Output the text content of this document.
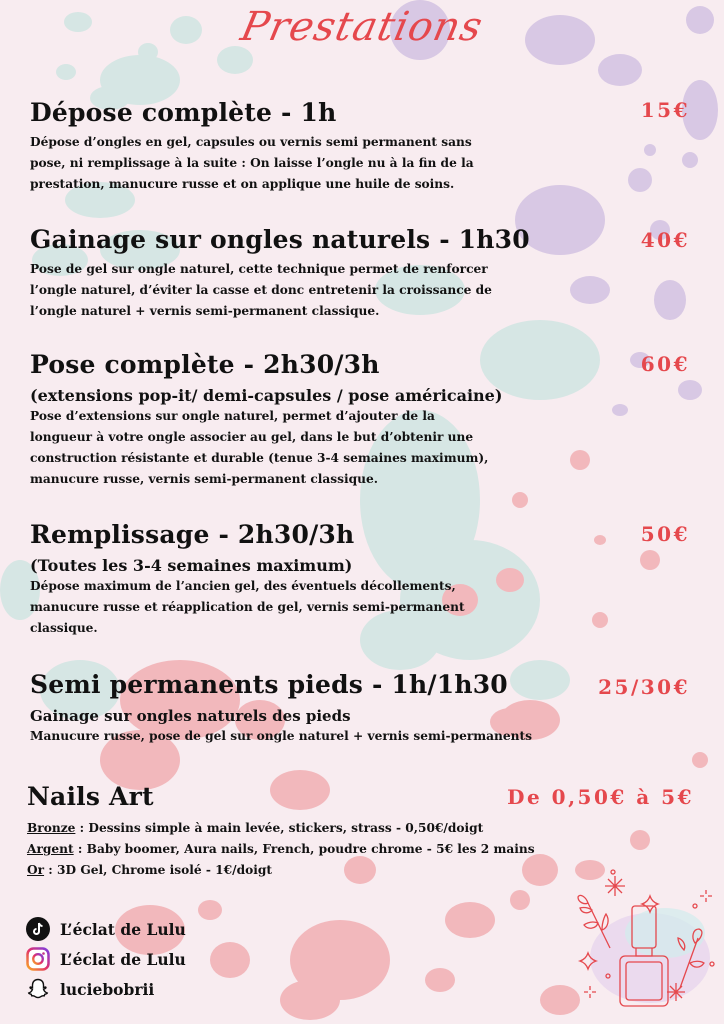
Prestations
Dépose complète - 1h

Dépose d’ongles en gel, capsules ou vernis semi permanent sans pose, ni remplissage à la suite : On laisse l’ongle nu à la fin de la prestation, manucure russe et on applique une huile de soins.

15€
Gainage sur ongles naturels - 1h30

Pose de gel sur ongle naturel, cette technique permet de renforcer l’ongle naturel, d’éviter la casse et donc entretenir la croissance de l’ongle naturel + vernis semi-permanent classique.

40€
Pose complète - 2h30/3h
(extensions pop-it/ demi-capsules / pose américaine)

Pose d’extensions sur ongle naturel, permet d’ajouter de la longueur à votre ongle associer au gel, dans le but d’obtenir une construction résistante et durable (tenue 3-4 semaines maximum), manucure russe, vernis semi-permanent classique.

60€
Remplissage - 2h30/3h
(Toutes les 3-4 semaines maximum)

Dépose maximum de l’ancien gel, des éventuels décollements, manucure russe et réapplication de gel, vernis semi-permanent classique.

50€
Semi permanents pieds - 1h/1h30
Gainage sur ongles naturels des pieds

Manucure russe, pose de gel sur ongle naturel + vernis semi-permanents

25/30€
Nails Art
Bronze : Dessins simple à main levée, stickers, strass - 0,50€/doigt
Argent : Baby boomer, Aura nails, French, poudre chrome - 5€ les 2 mains
Or : 3D Gel, Chrome isolé - 1€/doigt
De 0,50€ à 5€
L’éclat de Lulu
L’éclat de Lulu
luciebobrii
